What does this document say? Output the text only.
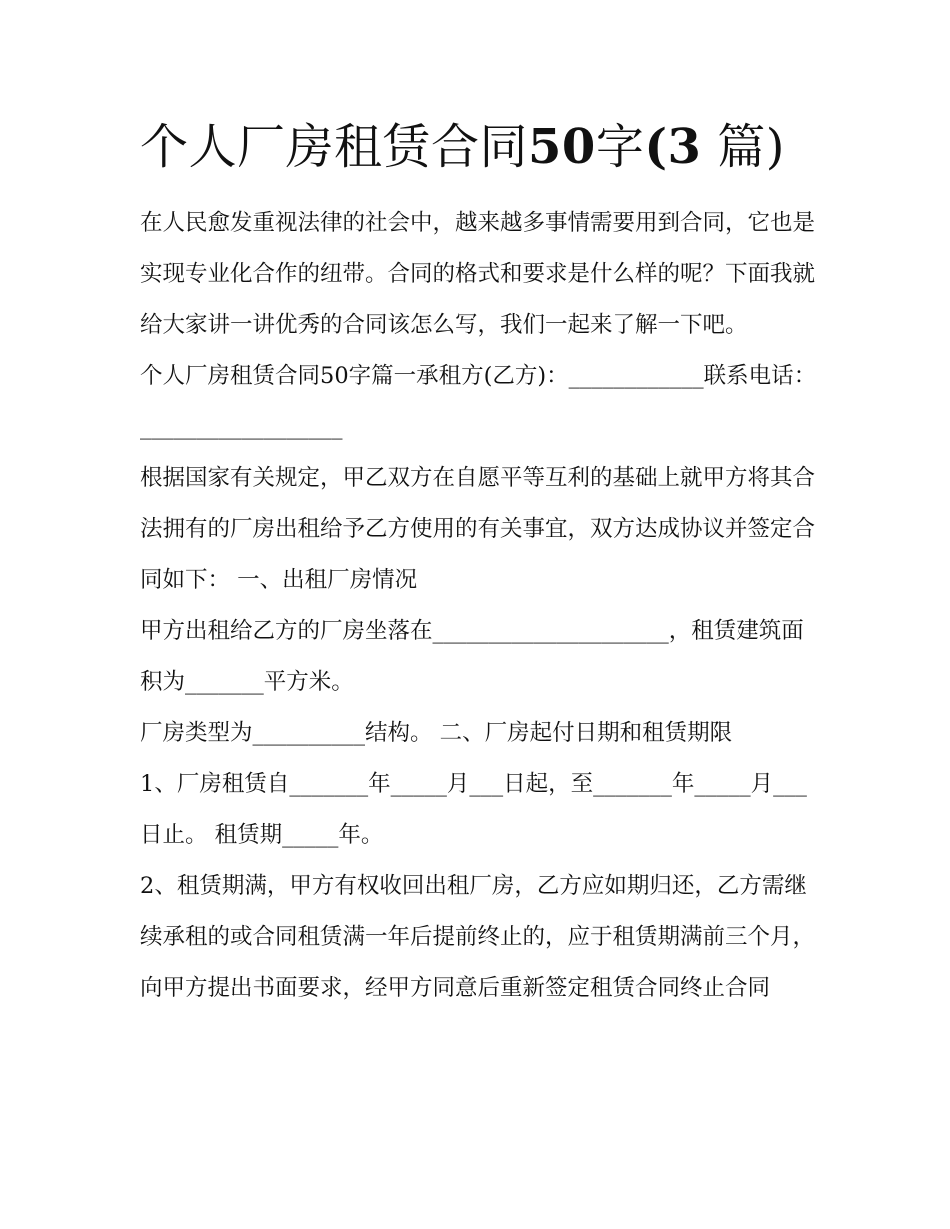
个人厂房租赁合同50字(3 篇)

在人民愈发重视法律的社会中，越来越多事情需要用到合同，它也是实现专业化合作的纽带。合同的格式和要求是什么样的呢？下面我就给大家讲一讲优秀的合同该怎么写，我们一起来了解一下吧。

个人厂房租赁合同50字篇一承租方(乙方)：____________联系电话：__________________

根据国家有关规定，甲乙双方在自愿平等互利的基础上就甲方将其合法拥有的厂房出租给予乙方使用的有关事宜，双方达成协议并签定合同如下： 一、出租厂房情况

甲方出租给乙方的厂房坐落在_____________________，租赁建筑面积为_______平方米。

厂房类型为__________结构。 二、厂房起付日期和租赁期限

1、厂房租赁自_______年_____月___日起，至_______年_____月___日止。 租赁期_____年。

2、租赁期满，甲方有权收回出租厂房，乙方应如期归还，乙方需继续承租的或合同租赁满一年后提前终止的，应于租赁期满前三个月，向甲方提出书面要求，经甲方同意后重新签定租赁合同终止合同
